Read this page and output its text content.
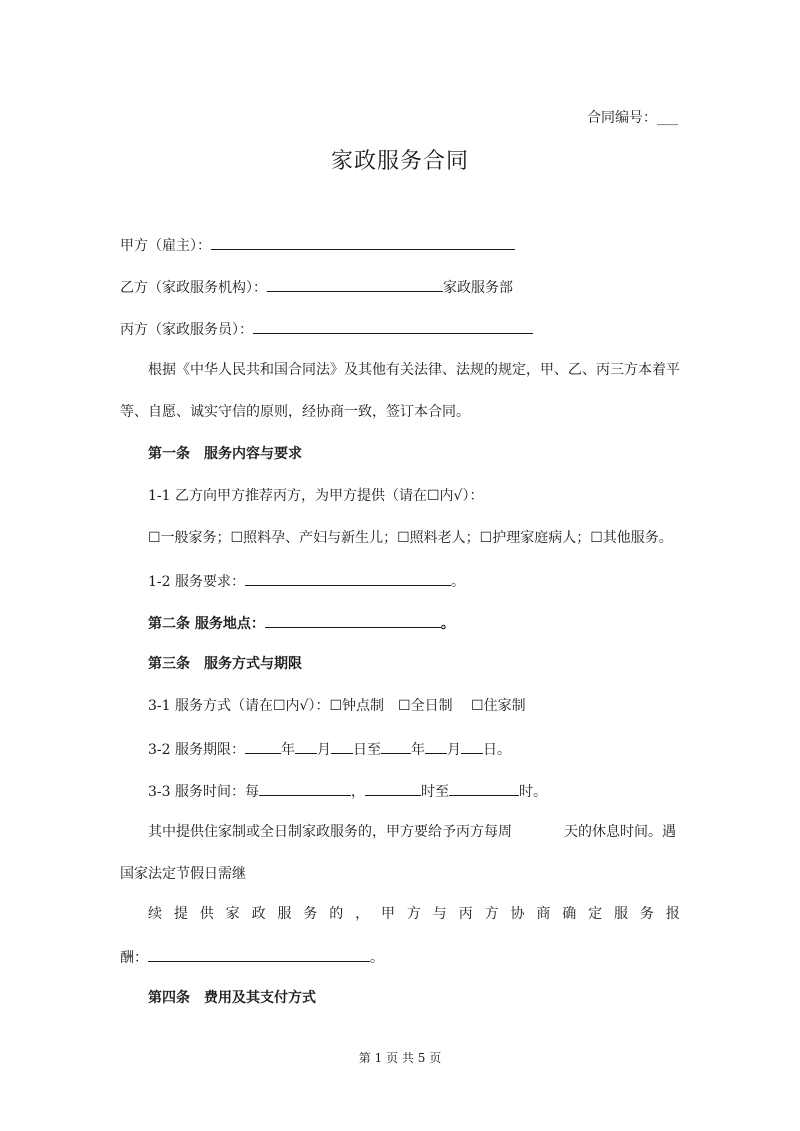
合同编号：___
家政服务合同
甲方（雇主）：
乙方（家政服务机构）：	家政服务部
丙方（家政服务员）：
根据《中华人民共和国合同法》及其他有关法律、法规的规定，甲、乙、丙三方本着平
等、自愿、诚实守信的原则，经协商一致，签订本合同。
第一条　服务内容与要求
1-1 乙方向甲方推荐丙方，为甲方提供（请在☐内√）：
☐一般家务；☐照料孕、产妇与新生儿；☐照料老人；☐护理家庭病人；☐其他服务。
1-2 服务要求：	。
第二条 服务地点：	。
第三条　服务方式与期限
3-1 服务方式（请在☐内√）：☐钟点制　☐全日制　 ☐住家制
3-2 服务期限：	年 月 日至 年 月 日。
3-3 服务时间：每	，	时至	时。
其中提供住家制或全日制家政服务的，甲方要给予丙方每周	天的休息时间。遇
国家法定节假日需继
续 提 供 家 政 服 务 的 ， 甲 方 与 丙 方 协 商 确 定 服 务 报
酬：	。
第四条　费用及其支付方式
第 1 页 共 5 页
